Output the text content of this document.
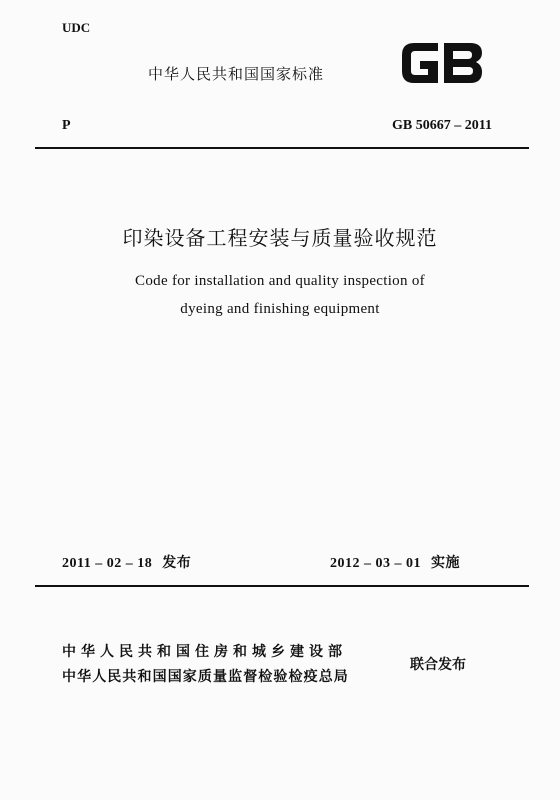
UDC
中华人民共和国国家标准
P	GB 50667 – 2011
印染设备工程安装与质量验收规范
Code for installation and quality inspection of
dyeing and finishing equipment
2011 – 02 – 18 发布	2012 – 03 – 01 实施
中华人民共和国住房和城乡建设部
中华人民共和国国家质量监督检验检疫总局
联合发布
